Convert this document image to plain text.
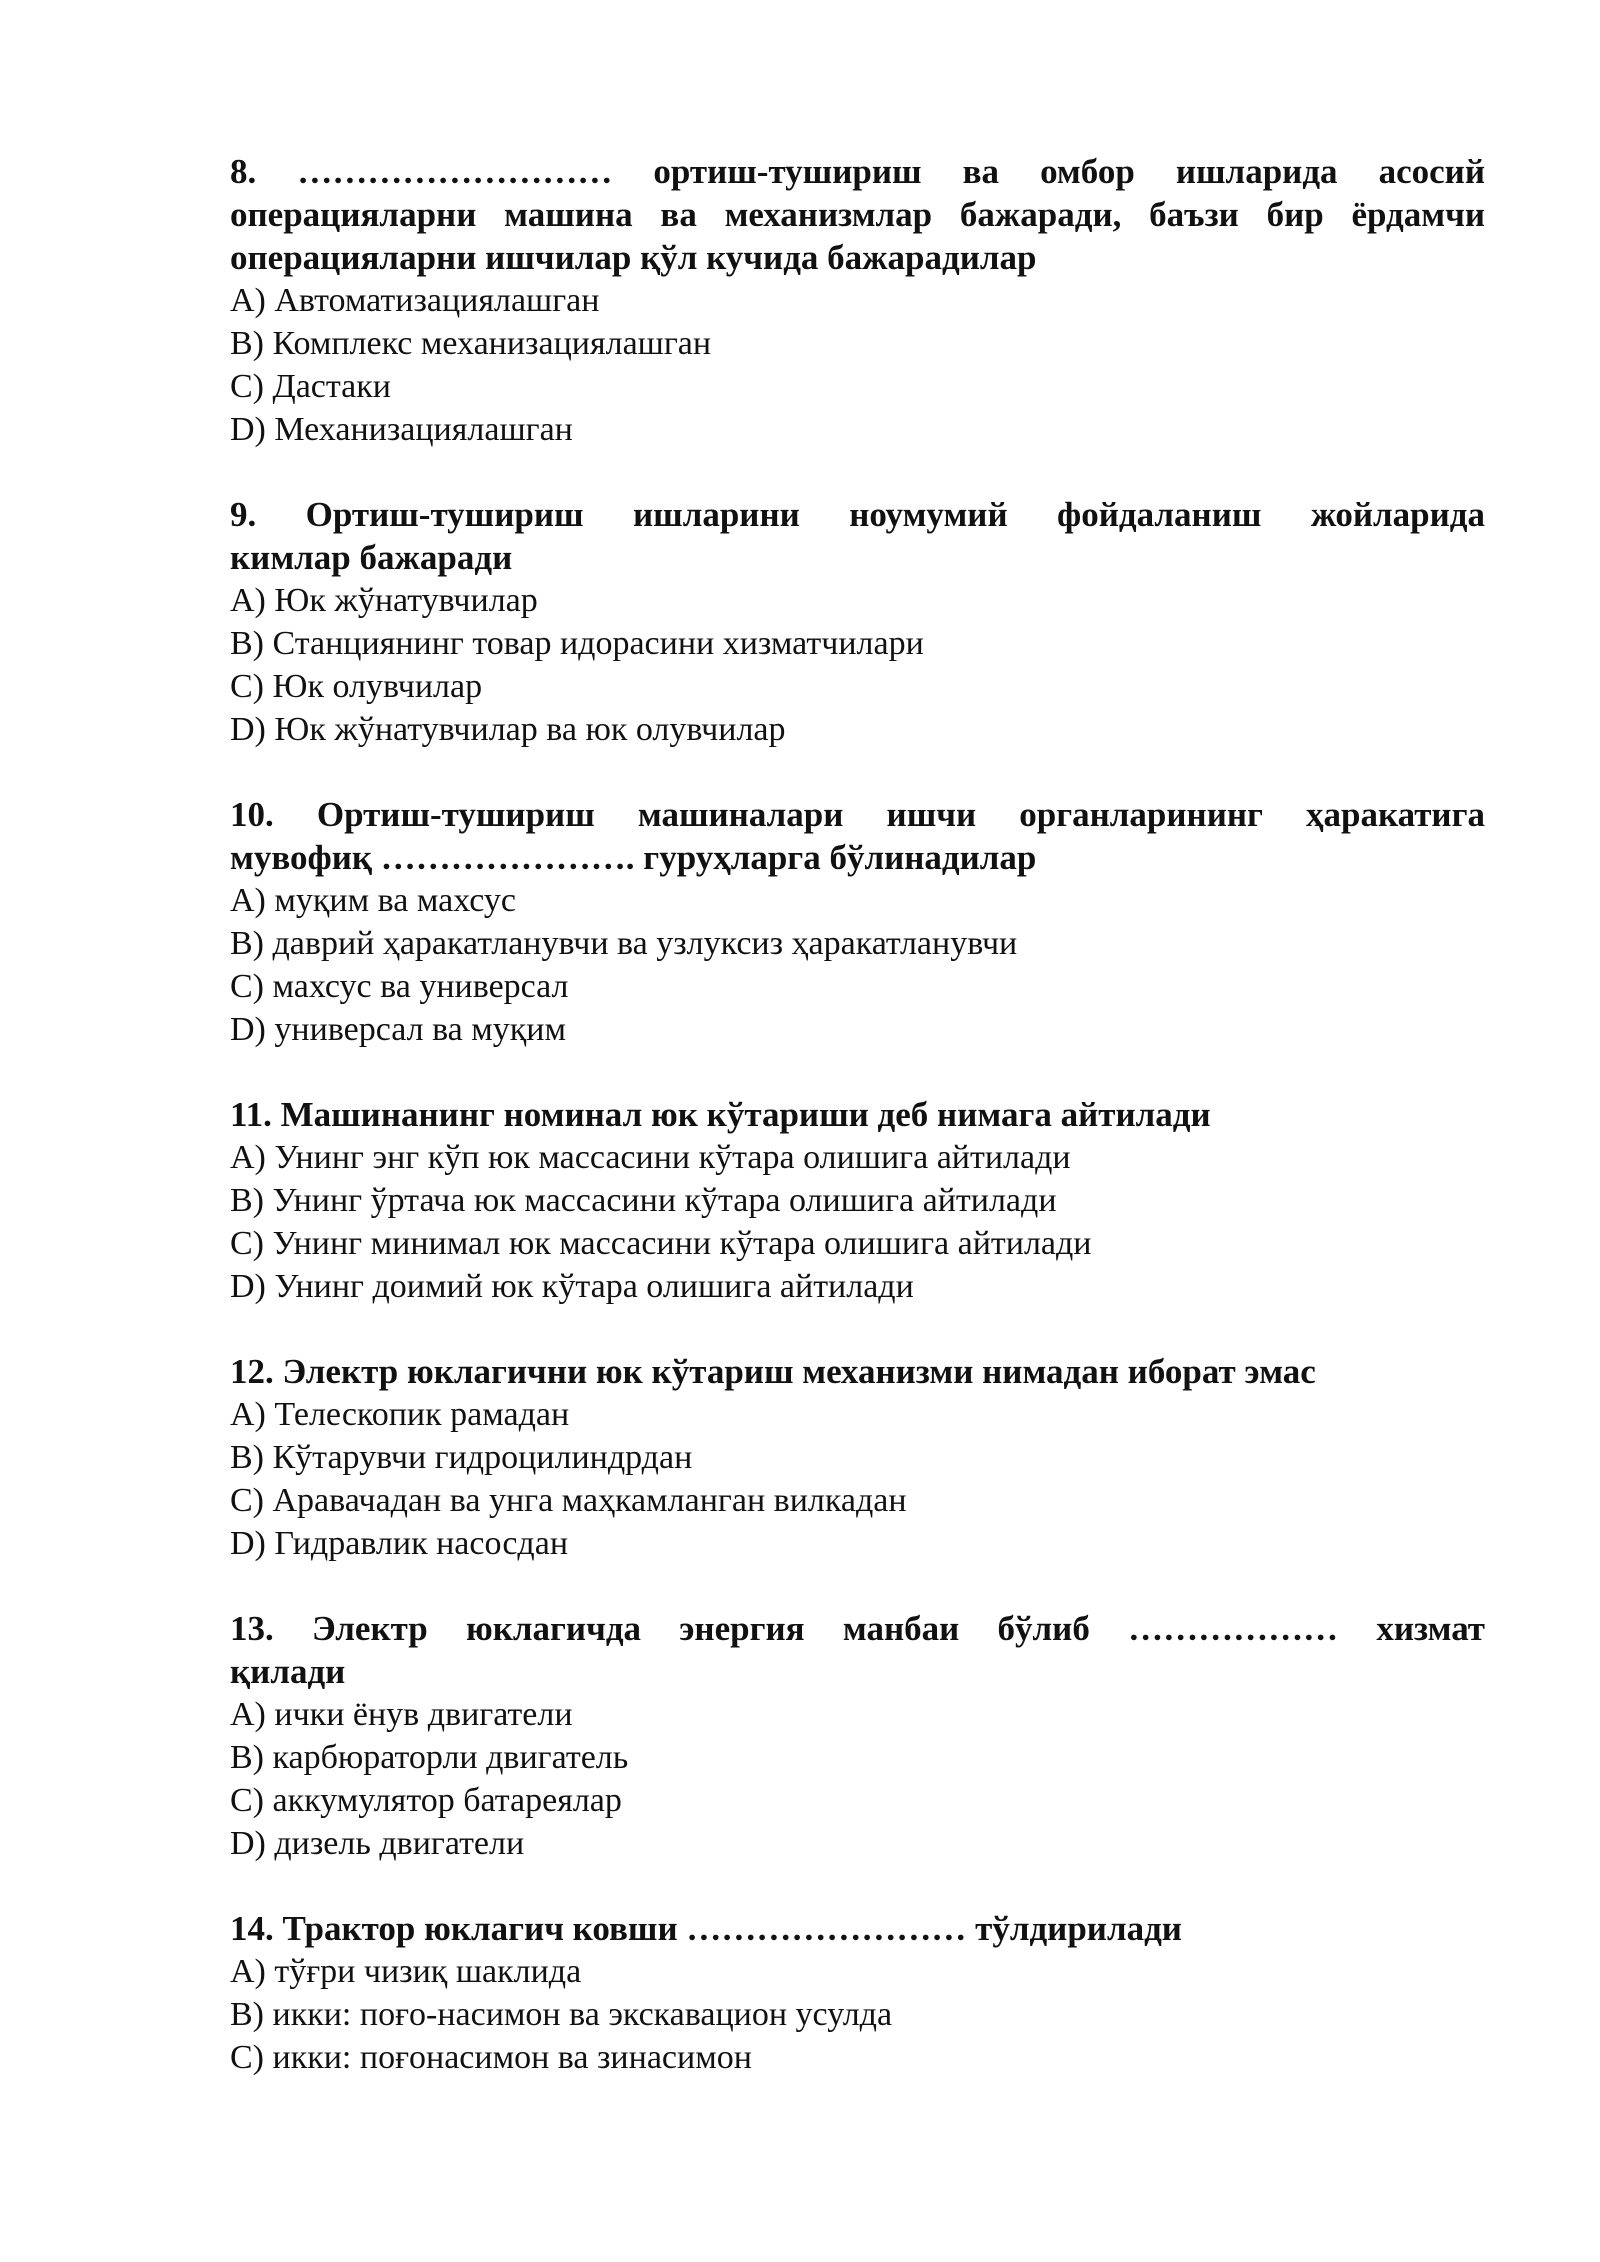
8. ……………………… ортиш-тушириш ва омбор ишларида асосий
операцияларни машина ва механизмлар бажаради, баъзи бир ёрдамчи
операцияларни ишчилар қўл кучида бажарадилар

A) Автоматизациялашган
B) Комплекс механизациялашган
C) Дастаки
D) Механизациялашган

9. Ортиш-тушириш ишларини ноумумий фойдаланиш жойларида
кимлар бажаради

A) Юк жўнатувчилар
B) Станциянинг товар идорасини хизматчилари
C) Юк олувчилар
D) Юк жўнатувчилар ва юк олувчилар

10. Ортиш-тушириш машиналари ишчи органларининг ҳаракатига
мувофиқ …………………. гуруҳларга бўлинадилар

A) муқим ва махсус
B) даврий ҳаракатланувчи ва узлуксиз ҳаракатланувчи
C) махсус ва универсал
D) универсал ва муқим

11. Машинанинг номинал юк кўтариши деб нимага айтилади

A) Унинг энг кўп юк массасини кўтара олишига айтилади
B) Унинг ўртача юк массасини кўтара олишига айтилади
C) Унинг минимал юк массасини кўтара олишига айтилади
D) Унинг доимий юк кўтара олишига айтилади

12. Электр юклагични юк кўтариш механизми нимадан иборат эмас

A) Телескопик рамадан
B) Кўтарувчи гидроцилиндрдан
C) Аравачадан ва унга маҳкамланган вилкадан
D) Гидравлик насосдан

13. Электр юклагичда энергия манбаи бўлиб ……………… хизмат
қилади

A) ички ёнув двигатели
B) карбюраторли двигатель
C) аккумулятор батареялар
D) дизель двигатели

14. Трактор юклагич ковши …………………… тўлдирилади

A) тўғри чизиқ шаклида
B) икки: поғо-насимон ва экскавацион усулда
C) икки: поғонасимон ва зинасимон
